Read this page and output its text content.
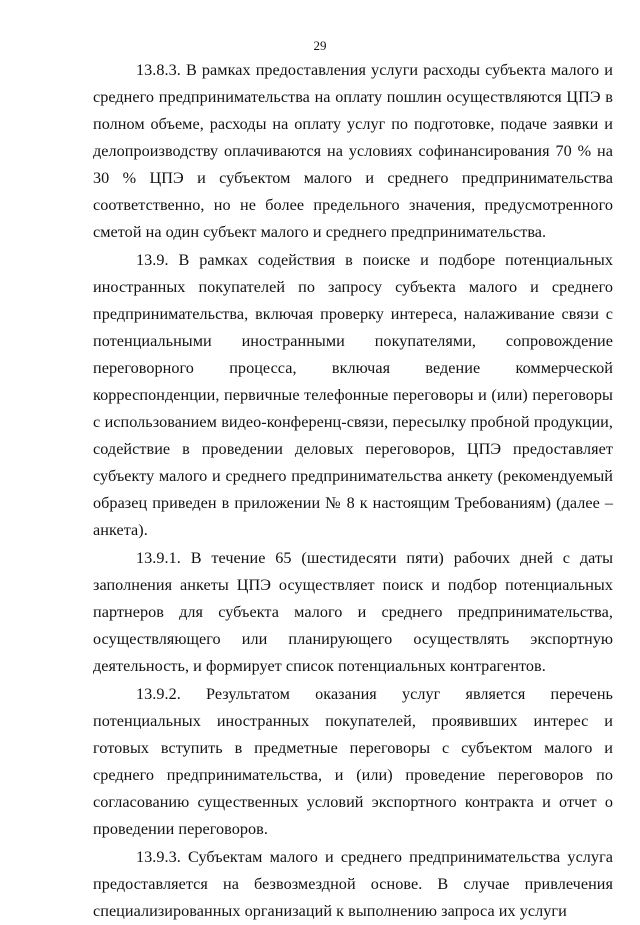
29

13.8.3. В рамках предоставления услуги расходы субъекта малого и среднего предпринимательства на оплату пошлин осуществляются ЦПЭ в полном объеме, расходы на оплату услуг по подготовке, подаче заявки и делопроизводству оплачиваются на условиях софинансирования 70 % на 30 % ЦПЭ и субъектом малого и среднего предпринимательства соответственно, но не более предельного значения, предусмотренного сметой на один субъект малого и среднего предпринимательства.

13.9. В рамках содействия в поиске и подборе потенциальных иностранных покупателей по запросу субъекта малого и среднего предпринимательства, включая проверку интереса, налаживание связи с потенциальными иностранными покупателями, сопровождение переговорного процесса, включая ведение коммерческой корреспонденции, первичные телефонные переговоры и (или) переговоры с использованием видео-конференц-связи, пересылку пробной продукции, содействие в проведении деловых переговоров, ЦПЭ предоставляет субъекту малого и среднего предпринимательства анкету (рекомендуемый образец приведен в приложении № 8 к настоящим Требованиям) (далее – анкета).

13.9.1. В течение 65 (шестидесяти пяти) рабочих дней с даты заполнения анкеты ЦПЭ осуществляет поиск и подбор потенциальных партнеров для субъекта малого и среднего предпринимательства, осуществляющего или планирующего осуществлять экспортную деятельность, и формирует список потенциальных контрагентов.

13.9.2. Результатом оказания услуг является перечень потенциальных иностранных покупателей, проявивших интерес и готовых вступить в предметные переговоры с субъектом малого и среднего предпринимательства, и (или) проведение переговоров по согласованию существенных условий экспортного контракта и отчет о проведении переговоров.

13.9.3. Субъектам малого и среднего предпринимательства услуга предоставляется на безвозмездной основе. В случае привлечения специализированных организаций к выполнению запроса их услуги
